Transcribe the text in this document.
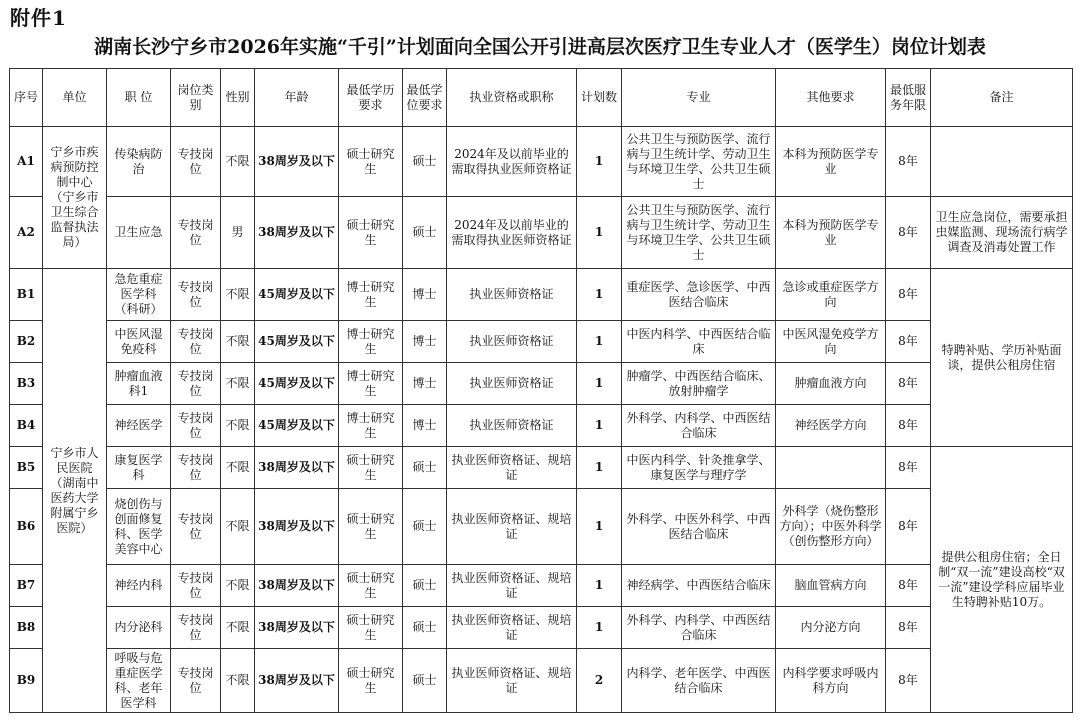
附件1
湖南长沙宁乡市2026年实施“千引”计划面向全国公开引进高层次医疗卫生专业人才（医学生）岗位计划表
序号	单位	职 位	岗位类别	性别	年龄	最低学历要求	最低学位要求	执业资格或职称	计划数	专业	其他要求	最低服务年限	备注
A1	宁乡市疾病预防控制中心（宁乡市卫生综合监督执法局）	传染病防治	专技岗位	不限	38周岁及以下	硕士研究生	硕士	2024年及以前毕业的需取得执业医师资格证	1	公共卫生与预防医学、流行病与卫生统计学、劳动卫生与环境卫生学、公共卫生硕士	本科为预防医学专业	8年	
A2		卫生应急	专技岗位	男	38周岁及以下	硕士研究生	硕士	2024年及以前毕业的需取得执业医师资格证	1	公共卫生与预防医学、流行病与卫生统计学、劳动卫生与环境卫生学、公共卫生硕士	本科为预防医学专业	8年	卫生应急岗位，需要承担虫媒监测、现场流行病学调查及消毒处置工作
B1	宁乡市人民医院（湖南中医药大学附属宁乡医院）	急危重症医学科（科研）	专技岗位	不限	45周岁及以下	博士研究生	博士	执业医师资格证	1	重症医学、急诊医学、中西医结合临床	急诊或重症医学方向	8年	特聘补贴、学历补贴面谈，提供公租房住宿
B2		中医风湿免疫科	专技岗位	不限	45周岁及以下	博士研究生	博士	执业医师资格证	1	中医内科学、中西医结合临床	中医风湿免疫学方向	8年	
B3		肿瘤血液科1	专技岗位	不限	45周岁及以下	博士研究生	博士	执业医师资格证	1	肿瘤学、中西医结合临床、放射肿瘤学	肿瘤血液方向	8年	
B4		神经医学	专技岗位	不限	45周岁及以下	博士研究生	博士	执业医师资格证	1	外科学、内科学、中西医结合临床	神经医学方向	8年	
B5		康复医学科	专技岗位	不限	38周岁及以下	硕士研究生	硕士	执业医师资格证、规培证	1	中医内科学、针灸推拿学、康复医学与理疗学		8年	提供公租房住宿；全日制“双一流”建设高校“双一流”建设学科应届毕业生特聘补贴10万。
B6		烧创伤与创面修复科、医学美容中心	专技岗位	不限	38周岁及以下	硕士研究生	硕士	执业医师资格证、规培证	1	外科学、中医外科学、中西医结合临床	外科学（烧伤整形方向）；中医外科学（创伤整形方向）	8年	
B7		神经内科	专技岗位	不限	38周岁及以下	硕士研究生	硕士	执业医师资格证、规培证	1	神经病学、中西医结合临床	脑血管病方向	8年	
B8		内分泌科	专技岗位	不限	38周岁及以下	硕士研究生	硕士	执业医师资格证、规培证	1	外科学、内科学、中西医结合临床	内分泌方向	8年	
B9		呼吸与危重症医学科、老年医学科	专技岗位	不限	38周岁及以下	硕士研究生	硕士	执业医师资格证、规培证	2	内科学、老年医学、中西医结合临床	内科学要求呼吸内科方向	8年	
